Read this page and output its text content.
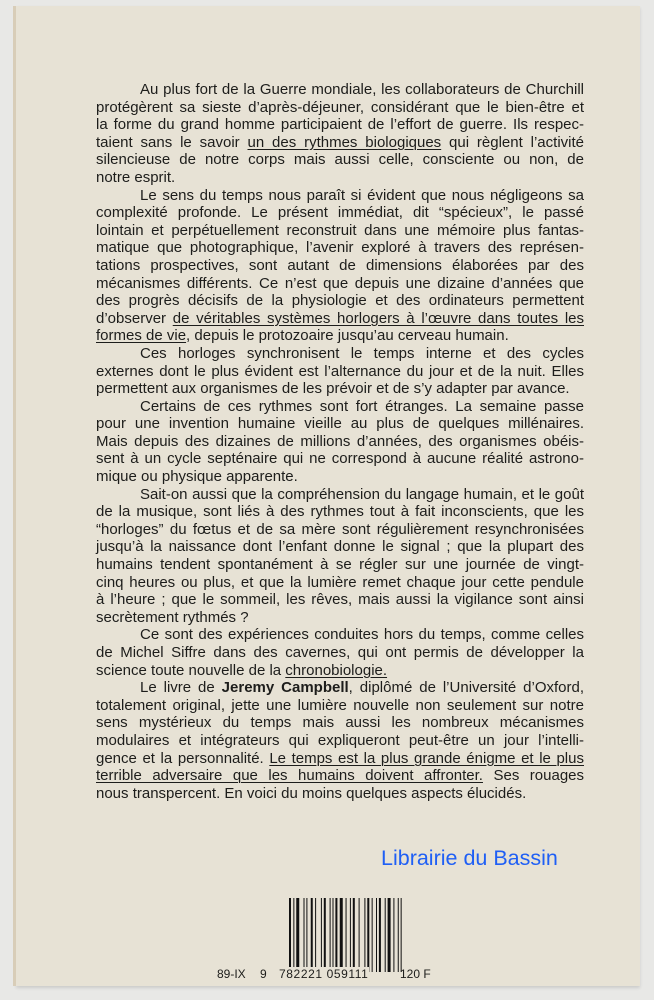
Au plus fort de la Guerre mondiale, les collaborateurs de Churchill
protégèrent sa sieste d’après-déjeuner, considérant que le bien-être et
la forme du grand homme participaient de l’effort de guerre. Ils respec-
taient sans le savoir un des rythmes biologiques qui règlent l’activité
silencieuse de notre corps mais aussi celle, consciente ou non, de
notre esprit.
Le sens du temps nous paraît si évident que nous négligeons sa
complexité profonde. Le présent immédiat, dit “spécieux”, le passé
lointain et perpétuellement reconstruit dans une mémoire plus fantas-
matique que photographique, l’avenir exploré à travers des représen-
tations prospectives, sont autant de dimensions élaborées par des
mécanismes différents. Ce n’est que depuis une dizaine d’années que
des progrès décisifs de la physiologie et des ordinateurs permettent
d’observer de véritables systèmes horlogers à l’œuvre dans toutes les
formes de vie, depuis le protozoaire jusqu’au cerveau humain.
Ces horloges synchronisent le temps interne et des cycles
externes dont le plus évident est l’alternance du jour et de la nuit. Elles
permettent aux organismes de les prévoir et de s’y adapter par avance.
Certains de ces rythmes sont fort étranges. La semaine passe
pour une invention humaine vieille au plus de quelques millénaires.
Mais depuis des dizaines de millions d’années, des organismes obéis-
sent à un cycle septénaire qui ne correspond à aucune réalité astrono-
mique ou physique apparente.
Sait-on aussi que la compréhension du langage humain, et le goût
de la musique, sont liés à des rythmes tout à fait inconscients, que les
“horloges” du fœtus et de sa mère sont régulièrement resynchronisées
jusqu’à la naissance dont l’enfant donne le signal ; que la plupart des
humains tendent spontanément à se régler sur une journée de vingt-
cinq heures ou plus, et que la lumière remet chaque jour cette pendule
à l’heure ; que le sommeil, les rêves, mais aussi la vigilance sont ainsi
secrètement rythmés ?
Ce sont des expériences conduites hors du temps, comme celles
de Michel Siffre dans des cavernes, qui ont permis de développer la
science toute nouvelle de la chronobiologie.
Le livre de Jeremy Campbell, diplômé de l’Université d’Oxford,
totalement original, jette une lumière nouvelle non seulement sur notre
sens mystérieux du temps mais aussi les nombreux mécanismes
modulaires et intégrateurs qui expliqueront peut-être un jour l’intelli-
gence et la personnalité. Le temps est la plus grande énigme et le plus
terrible adversaire que les humains doivent affronter. Ses rouages
nous transpercent. En voici du moins quelques aspects élucidés.
Librairie du Bassin
89-IX 9 782221 059111	120 F
